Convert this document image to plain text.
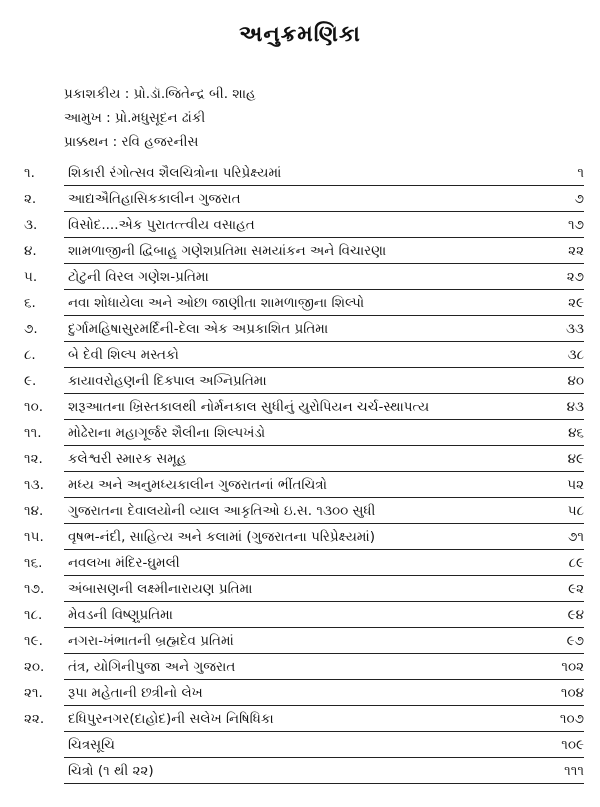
અનુક્રમણિકા
પ્રકાશકીય : પ્રો.ડૉ.જિતેન્દ્ર બી. શાહ
આમુખ : પ્રો.મધુસૂદન ઢાંકી
પ્રાક્કથન : રવિ હજરનીસ
૧.	શિકારી રંગોત્સવ શૈલચિત્રોના પરિપ્રેક્ષ્યમાં	૧
૨.	આદ્યઐતિહાસિકકાલીન ગુજરાત	૭
૩.	વિસોદ....એક પુરાતત્ત્વીય વસાહત	૧૭
૪.	શામળાજીની દ્વિબાહુ ગણેશપ્રતિમા સમયાંકન અને વિચારણા	૨૨
૫.	ટોટુની વિરલ ગણેશ-પ્રતિમા	૨૭
૬.	નવા શોધાયેલા અને ઓછા જાણીતા શામળાજીના શિલ્પો	૨૯
૭.	દુર્ગામહિષાસુરમર્દિની-દેલા એક અપ્રકાશિત પ્રતિમા	૩૩
૮.	બે દેવી શિલ્પ મસ્તકો	૩૮
૯.	કાયાવરોહણની દિક્પાલ અગ્નિપ્રતિમા	૪૦
૧૦.	શરૂઆતના ખ્રિસ્તકાલથી નોર્મનકાલ સુધીનું યુરોપિયન ચર્ચ-સ્થાપત્ય	૪૩
૧૧.	મોઢેરાના મહાગૂર્જર શૈલીના શિલ્પખંડો	૪૬
૧૨.	કલેશ્વરી સ્મારક સમૂહ	૪૯
૧૩.	મધ્ય અને અનુમધ્યકાલીન ગુજરાતનાં ભીંતચિત્રો	૫૨
૧૪.	ગુજરાતના દેવાલયોની વ્યાલ આકૃતિઓ ઇ.સ. ૧૩૦૦ સુધી	૫૮
૧૫.	વૃષભ-નંદી, સાહિત્ય અને કલામાં (ગુજરાતના પરિપ્રેક્ષ્યમાં)	૭૧
૧૬.	નવલખા મંદિર-ઘુમલી	૮૯
૧૭.	અંબાસણની લક્ષ્મીનારાયણ પ્રતિમા	૯૨
૧૮.	મેવડની વિષ્ણુપ્રતિમા	૯૪
૧૯.	નગરા-ખંભાતની બ્રહ્મદેવ પ્રતિમાં	૯૭
૨૦.	તંત્ર, યોગિનીપુજા અને ગુજરાત	૧૦૨
૨૧.	રૂપા મહેતાની છત્રીનો લેખ	૧૦૪
૨૨.	દધિપુરનગર(દાહોદ)ની સલેખ નિષિધિકા	૧૦૭
ચિત્રસૂચિ	૧૦૯
ચિત્રો (૧ થી ૨૨)	૧૧૧
